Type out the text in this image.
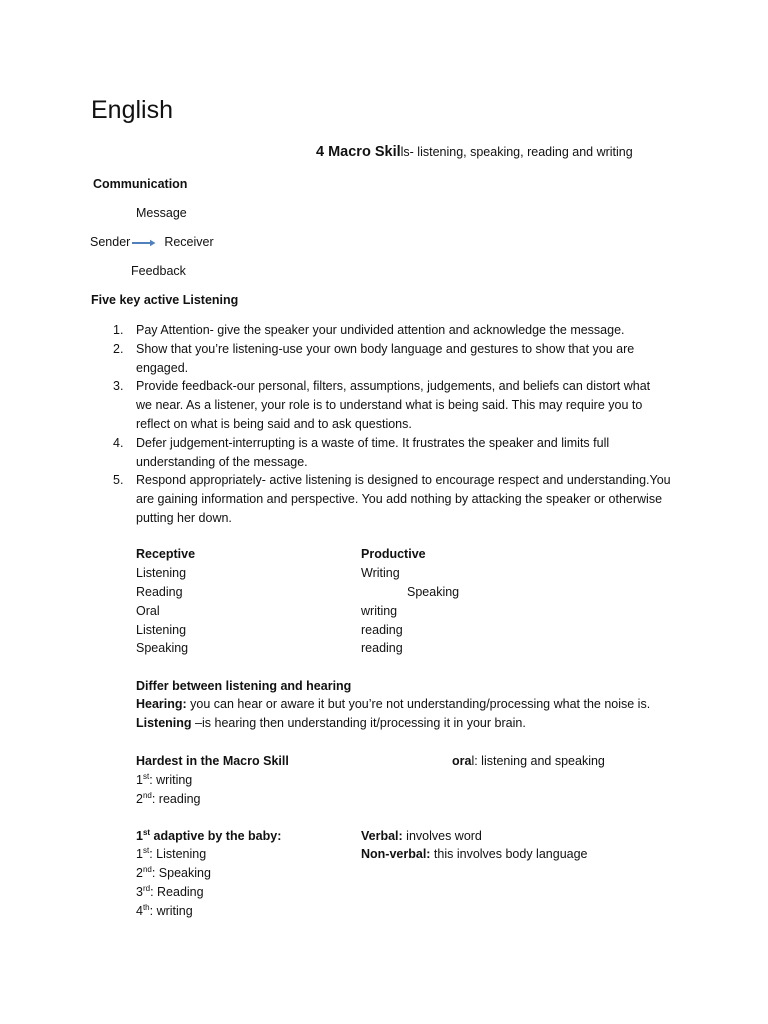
English
4 Macro Skills- listening, speaking, reading and writing
Communication
Message
Sender	Receiver
Feedback
Five key active Listening
1. Pay Attention- give the speaker your undivided attention and acknowledge the message.
2. Show that you’re listening-use your own body language and gestures to show that you are
engaged.
3. Provide feedback-our personal, filters, assumptions, judgements, and beliefs can distort what
we near. As a listener, your role is to understand what is being said. This may require you to
reflect on what is being said and to ask questions.
4. Defer judgement-interrupting is a waste of time. It frustrates the speaker and limits full
understanding of the message.
5. Respond appropriately- active listening is designed to encourage respect and understanding.You
are gaining information and perspective. You add nothing by attacking the speaker or otherwise
putting her down.
Receptive	Productive
Listening	Writing
Reading	Speaking
Oral	writing
Listening	reading
Speaking	reading
Differ between listening and hearing
Hearing: you can hear or aware it but you’re not understanding/processing what the noise is.
Listening –is hearing then understanding it/processing it in your brain.
Hardest in the Macro Skill	oral: listening and speaking
1st: writing
2nd: reading
1st adaptive by the baby:	Verbal: involves word
Non-verbal: this involves body language
1st: Listening
2nd: Speaking
3rd: Reading
4th: writing
